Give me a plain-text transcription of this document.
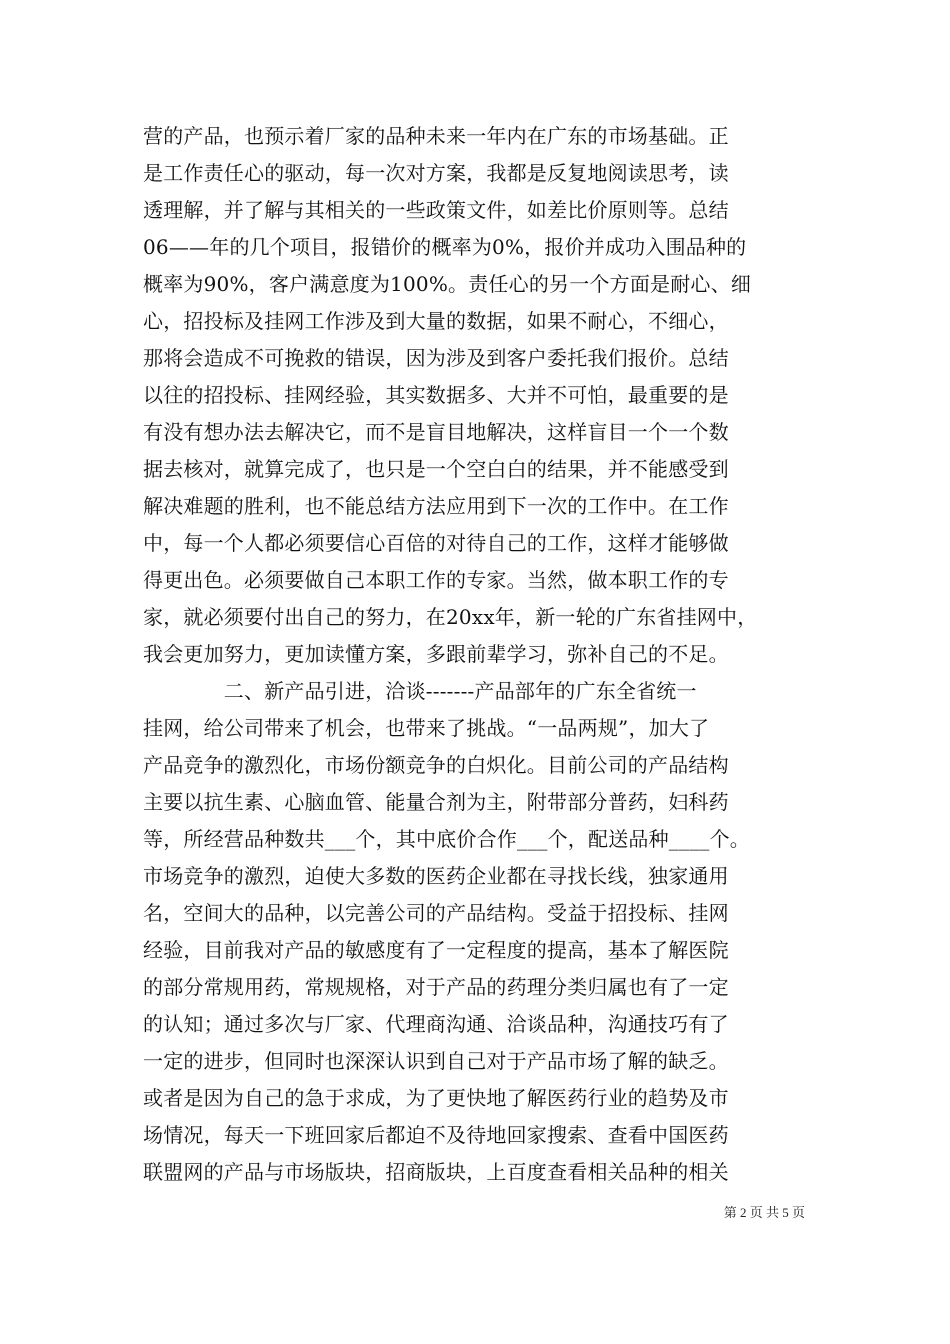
营的产品，也预示着厂家的品种未来一年内在广东的市场基础。正
是工作责任心的驱动，每一次对方案，我都是反复地阅读思考，读
透理解，并了解与其相关的一些政策文件，如差比价原则等。总结
06——年的几个项目，报错价的概率为0%，报价并成功入围品种的
概率为90%，客户满意度为100%。责任心的另一个方面是耐心、细
心，招投标及挂网工作涉及到大量的数据，如果不耐心，不细心，
那将会造成不可挽救的错误，因为涉及到客户委托我们报价。总结
以往的招投标、挂网经验，其实数据多、大并不可怕，最重要的是
有没有想办法去解决它，而不是盲目地解决，这样盲目一个一个数
据去核对，就算完成了，也只是一个空白白的结果，并不能感受到
解决难题的胜利，也不能总结方法应用到下一次的工作中。在工作
中，每一个人都必须要信心百倍的对待自己的工作，这样才能够做
得更出色。必须要做自己本职工作的专家。当然，做本职工作的专
家，就必须要付出自己的努力，在20xx年，新一轮的广东省挂网中，
我会更加努力，更加读懂方案，多跟前辈学习，弥补自己的不足。
　　　　二、新产品引进，洽谈-------产品部年的广东全省统一
挂网，给公司带来了机会，也带来了挑战。“一品两规”，加大了
产品竞争的激烈化，市场份额竞争的白炽化。目前公司的产品结构
主要以抗生素、心脑血管、能量合剂为主，附带部分普药，妇科药
等，所经营品种数共___个，其中底价合作___个，配送品种____个。
市场竞争的激烈，迫使大多数的医药企业都在寻找长线，独家通用
名，空间大的品种，以完善公司的产品结构。受益于招投标、挂网
经验，目前我对产品的敏感度有了一定程度的提高，基本了解医院
的部分常规用药，常规规格，对于产品的药理分类归属也有了一定
的认知；通过多次与厂家、代理商沟通、洽谈品种，沟通技巧有了
一定的进步，但同时也深深认识到自己对于产品市场了解的缺乏。
或者是因为自己的急于求成，为了更快地了解医药行业的趋势及市
场情况，每天一下班回家后都迫不及待地回家搜索、查看中国医药
联盟网的产品与市场版块，招商版块，上百度查看相关品种的相关
第 2 页 共 5 页
